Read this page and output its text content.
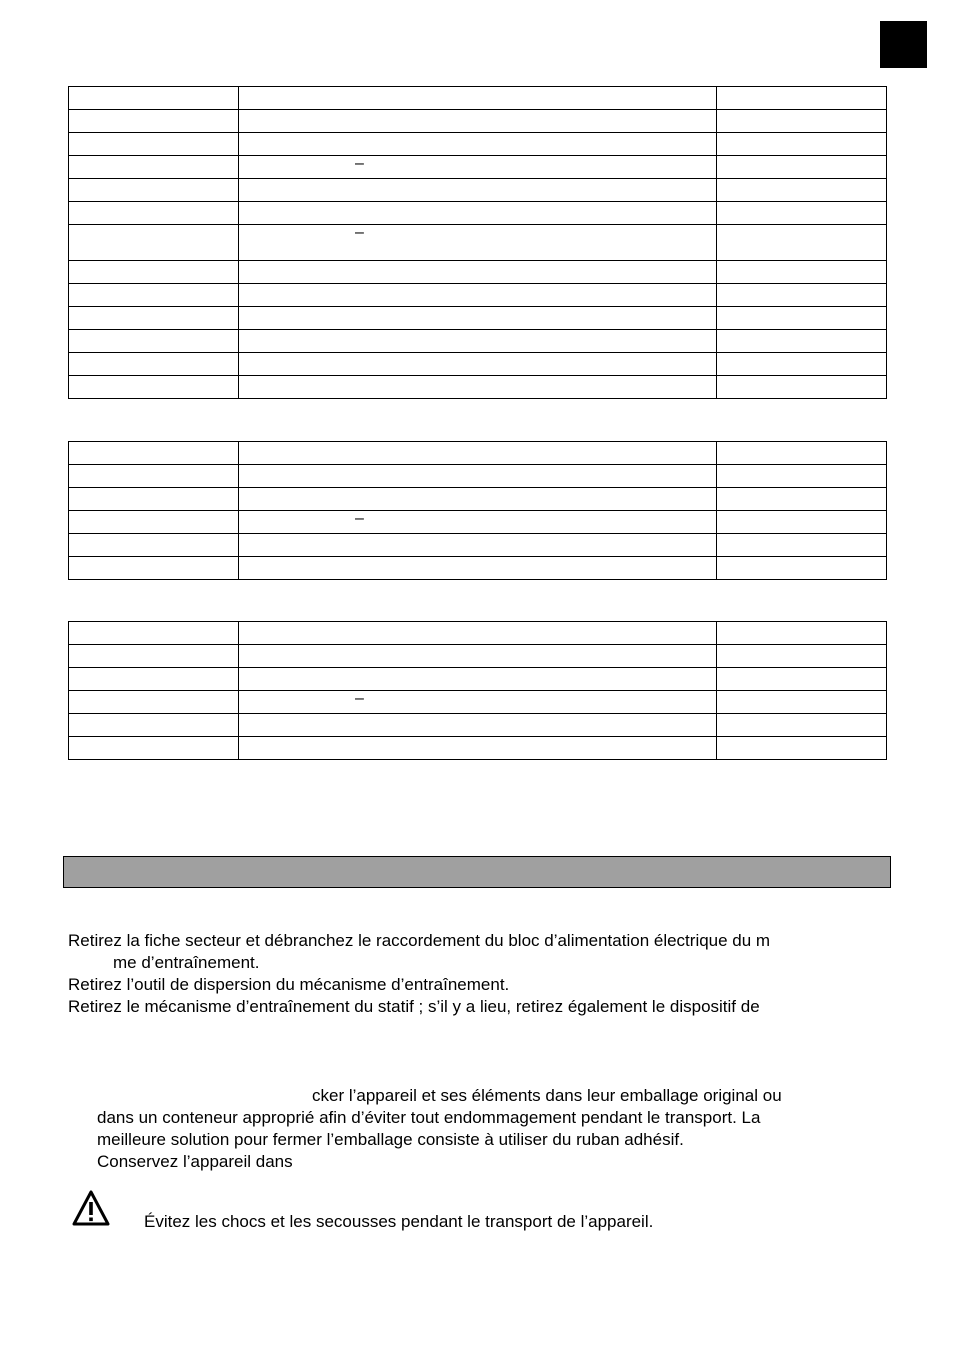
	–	

	–	

	–	

	–	

Retirez la fiche secteur et débranchez le raccordement du bloc d’alimentation électrique du m
me d’entraînement.
Retirez l’outil de dispersion du mécanisme d’entraînement.
Retirez le mécanisme d’entraînement du statif ; s’il y a lieu, retirez également le dispositif de
cker l’appareil et ses éléments dans leur emballage original ou
dans un conteneur approprié afin d’éviter tout endommagement pendant le transport. La
meilleure solution pour fermer l’emballage consiste à utiliser du ruban adhésif.
Conservez l’appareil dans
Évitez les chocs et les secousses pendant le transport de l’appareil.
